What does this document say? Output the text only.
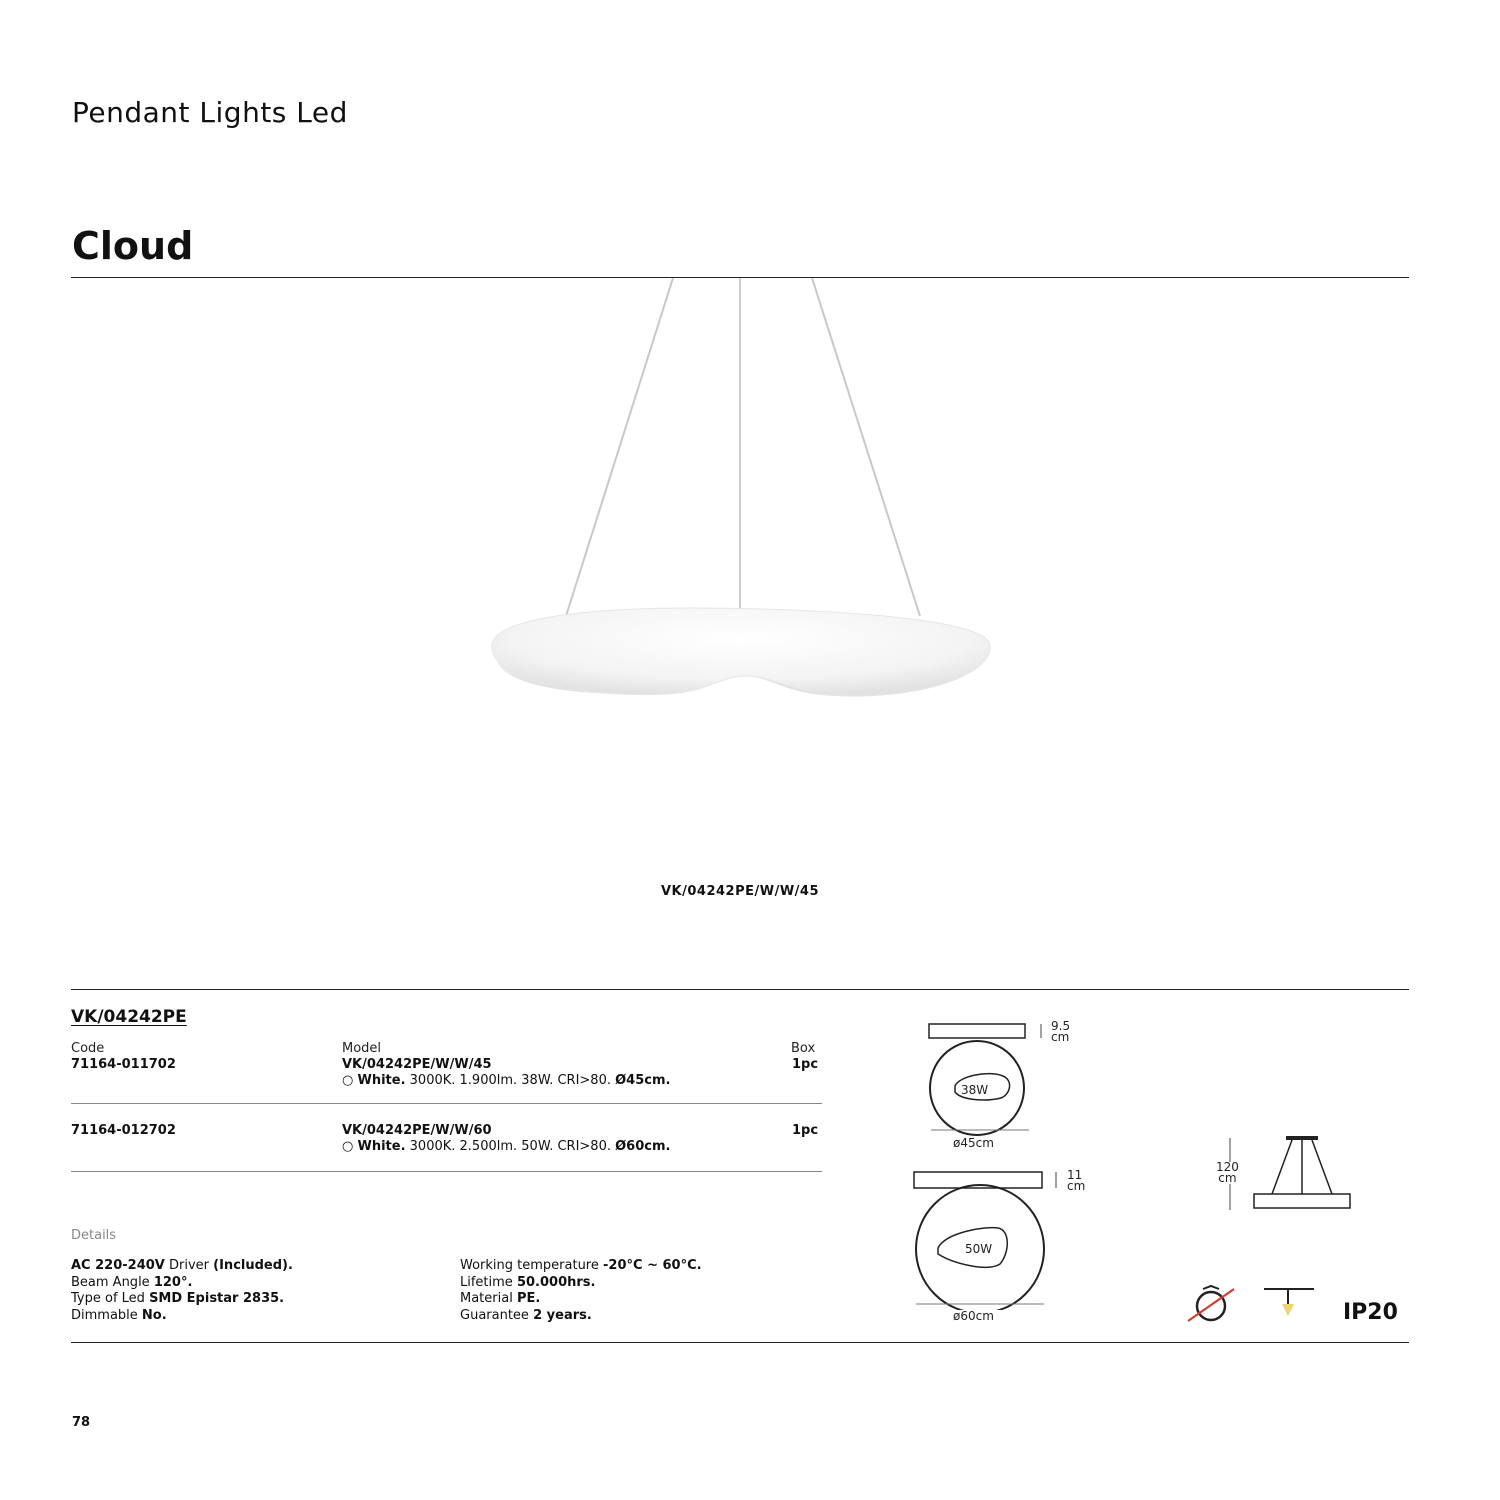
Pendant Lights Led
Cloud
VK/04242PE/W/W/45
VK/04242PE
Code	Model	Box
71164-011702	VK/04242PE/W/W/45	1pc
○ White. 3000K. 1.900lm. 38W. CRI>80. Ø45cm.
71164-012702	VK/04242PE/W/W/60	1pc
○ White. 3000K. 2.500lm. 50W. CRI>80. Ø60cm.
Details
AC 220-240V Driver (Included).
Beam Angle 120°.
Type of Led SMD Epistar 2835.
Dimmable No.
Working temperature -20°C ~ 60°C.
Lifetime 50.000hrs.
Material PE.
Guarantee 2 years.
9.5
cm
38W
ø45cm
11
cm
50W
ø60cm
120
cm
IP20
78
